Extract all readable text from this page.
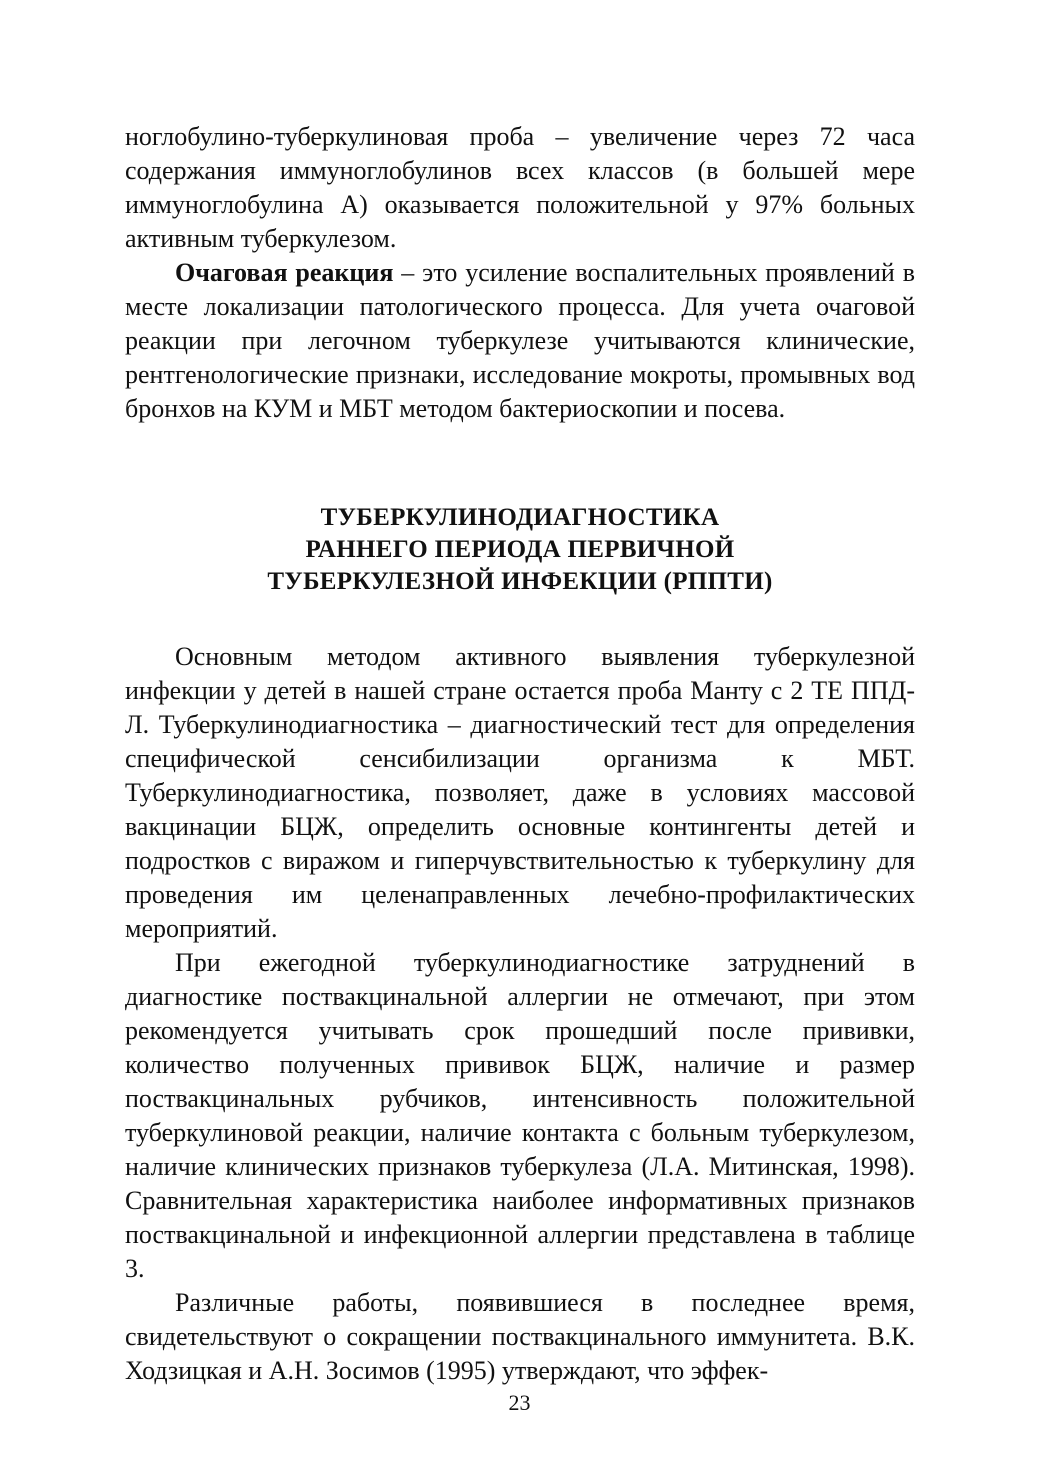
ноглобулино-туберкулиновая проба – увеличение через 72 часа содержания иммуноглобулинов всех классов (в большей мере иммуноглобулина А) оказывается положительной у 97% больных активным туберкулезом.

Очаговая реакция – это усиление воспалительных проявлений в месте локализации патологического процесса. Для учета очаговой реакции при легочном туберкулезе учитываются клинические, рентгенологические признаки, исследование мокроты, промывных вод бронхов на КУМ и МБТ методом бактериоскопии и посева.

ТУБЕРКУЛИНОДИАГНОСТИКА
РАННЕГО ПЕРИОДА ПЕРВИЧНОЙ
ТУБЕРКУЛЕЗНОЙ ИНФЕКЦИИ (РППТИ)

Основным методом активного выявления туберкулезной инфекции у детей в нашей стране остается проба Манту с 2 ТЕ ППД-Л. Туберкулинодиагностика – диагностический тест для определения специфической сенсибилизации организма к МБТ. Туберкулинодиагностика, позволяет, даже в условиях массовой вакцинации БЦЖ, определить основные контингенты детей и подростков с виражом и гиперчувствительностью к туберкулину для проведения им целенаправленных лечебно-профилактических мероприятий.

При ежегодной туберкулинодиагностике затруднений в диагностике поствакцинальной аллергии не отмечают, при этом рекомендуется учитывать срок прошедший после прививки, количество полученных прививок БЦЖ, наличие и размер поствакцинальных рубчиков, интенсивность положительной туберкулиновой реакции, наличие контакта с больным туберкулезом, наличие клинических признаков туберкулеза (Л.А. Митинская, 1998). Сравнительная характеристика наиболее информативных признаков поствакцинальной и инфекционной аллергии представлена в таблице 3.

Различные работы, появившиеся в последнее время, свидетельствуют о сокращении поствакцинального иммунитета. В.К. Ходзицкая и А.Н. Зосимов (1995) утверждают, что эффек-

23
